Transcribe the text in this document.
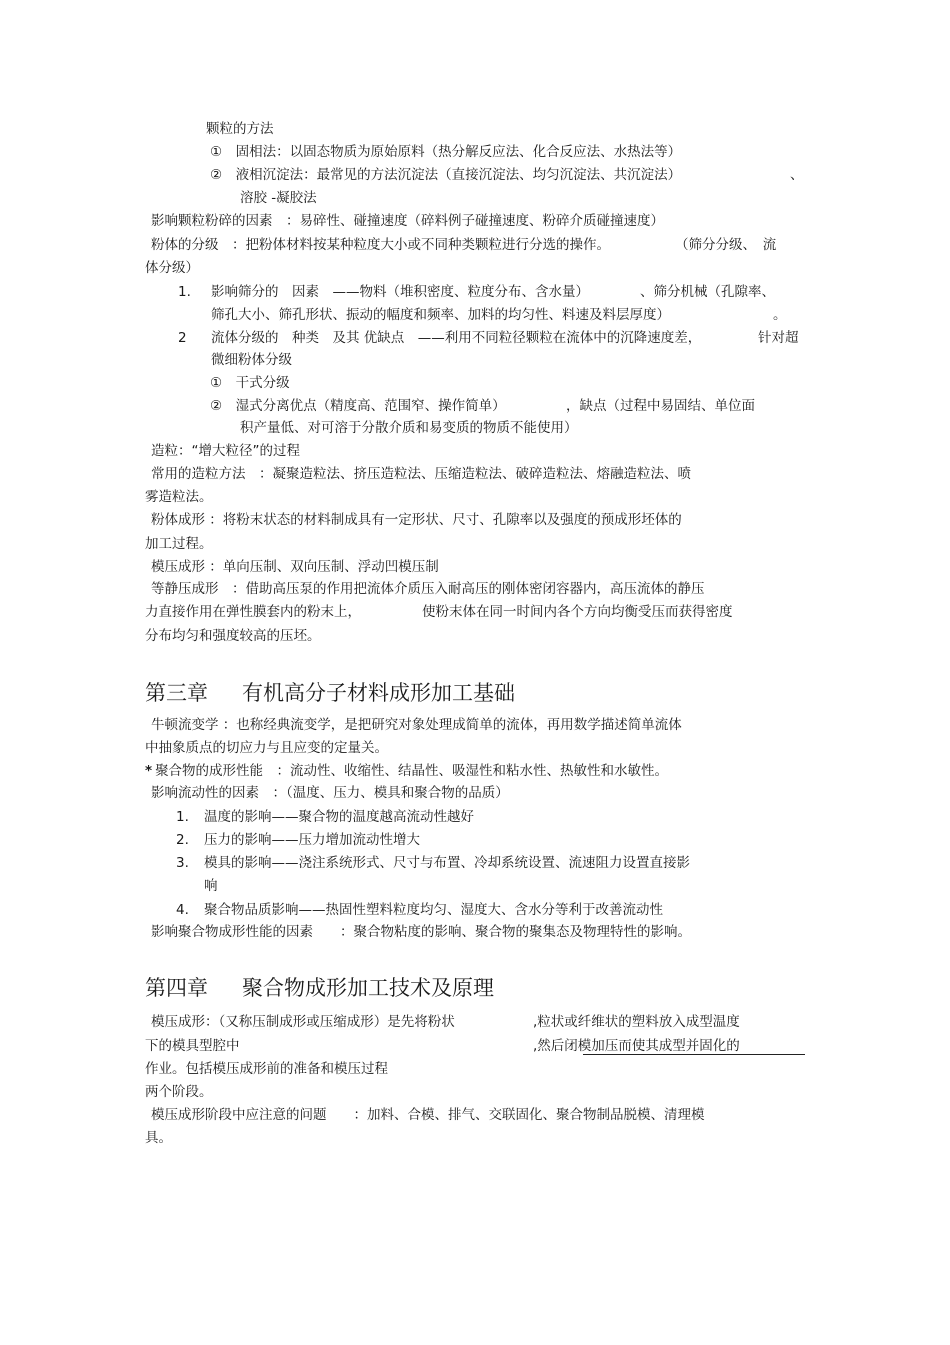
颗粒的方法
①　固相法：以固态物质为原始原料（热分解反应法、化合反应法、水热法等）
②　液相沉淀法：最常见的方法沉淀法（直接沉淀法、均匀沉淀法、共沉淀法）	、
溶胶 -凝胶法
影响颗粒粉碎的因素　：易碎性、碰撞速度（碎料例子碰撞速度、粉碎介质碰撞速度）
粉体的分级　：把粉体材料按某种粒度大小或不同种类颗粒进行分选的操作。	（筛分分级、　流
体分级）
1. 影响筛分的　因素　——物料（堆积密度、粒度分布、含水量）	、筛分机械（孔隙率、
筛孔大小、筛孔形状、振动的幅度和频率、加料的均匀性、料速及料层厚度）	。
2 流体分级的　种类　及其 优缺点　——利用不同粒径颗粒在流体中的沉降速度差，	针对超
微细粉体分级
①　干式分级
②　湿式分离优点（精度高、范围窄、操作简单）	，缺点（过程中易固结、单位面
积产量低、对可溶于分散介质和易变质的物质不能使用）
造粒：“增大粒径”的过程
常用的造粒方法　：凝聚造粒法、挤压造粒法、压缩造粒法、破碎造粒法、熔融造粒法、喷
雾造粒法。
粉体成形 ：将粉末状态的材料制成具有一定形状、尺寸、孔隙率以及强度的预成形坯体的
加工过程。
模压成形 ：单向压制、双向压制、浮动凹模压制
等静压成形　：借助高压泵的作用把流体介质压入耐高压的刚体密闭容器内，高压流体的静压
力直接作用在弹性膜套内的粉末上，	使粉末体在同一时间内各个方向均衡受压而获得密度
分布均匀和强度较高的压坯。
第三章 有机高分子材料成形加工基础
牛顿流变学 ：也称经典流变学，是把研究对象处理成简单的流体，再用数学描述简单流体
中抽象质点的切应力与且应变的定量关。
* 聚合物的成形性能　：流动性、收缩性、结晶性、吸湿性和粘水性、热敏性和水敏性。
影响流动性的因素　：（温度、压力、模具和聚合物的品质）
1. 温度的影响——聚合物的温度越高流动性越好
2. 压力的影响——压力增加流动性增大
3. 模具的影响——浇注系统形式、尺寸与布置、冷却系统设置、流速阻力设置直接影
响
4. 聚合物品质影响——热固性塑料粒度均匀、湿度大、含水分等利于改善流动性
影响聚合物成形性能的因素　　：聚合物粘度的影响、聚合物的聚集态及物理特性的影响。
第四章 聚合物成形加工技术及原理
模压成形：（又称压制成形或压缩成形）是先将粉状	,粒状或纤维状的塑料放入成型温度
下的模具型腔中	,然后闭模加压而使其成型并固化的
作业。包括模压成形前的准备和模压过程
两个阶段。
模压成形阶段中应注意的问题　　：加料、合模、排气、交联固化、聚合物制品脱模、清理模
具。
